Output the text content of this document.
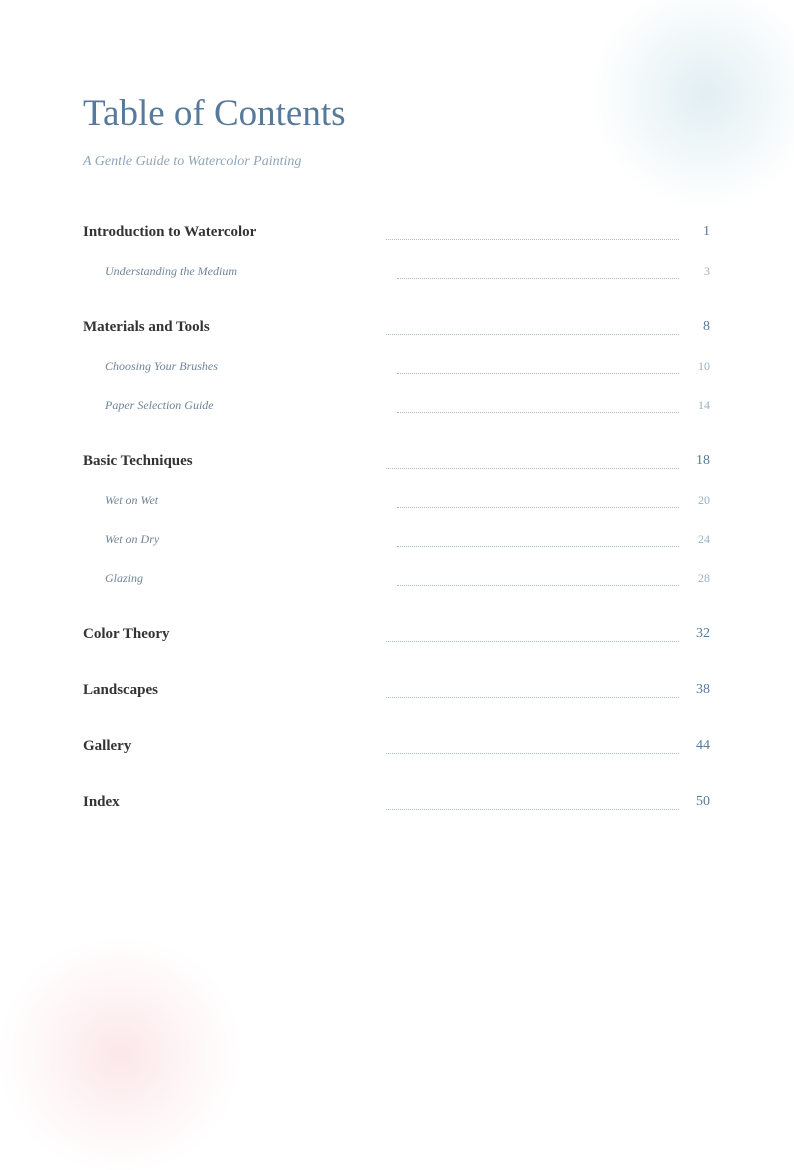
Table of Contents

A Gentle Guide to Watercolor Painting

Introduction to Watercolor	1
Understanding the Medium	3
Materials and Tools	8
Choosing Your Brushes	10
Paper Selection Guide	14
Basic Techniques	18
Wet on Wet	20
Wet on Dry	24
Glazing	28
Color Theory	32
Landscapes	38
Gallery	44
Index	50
